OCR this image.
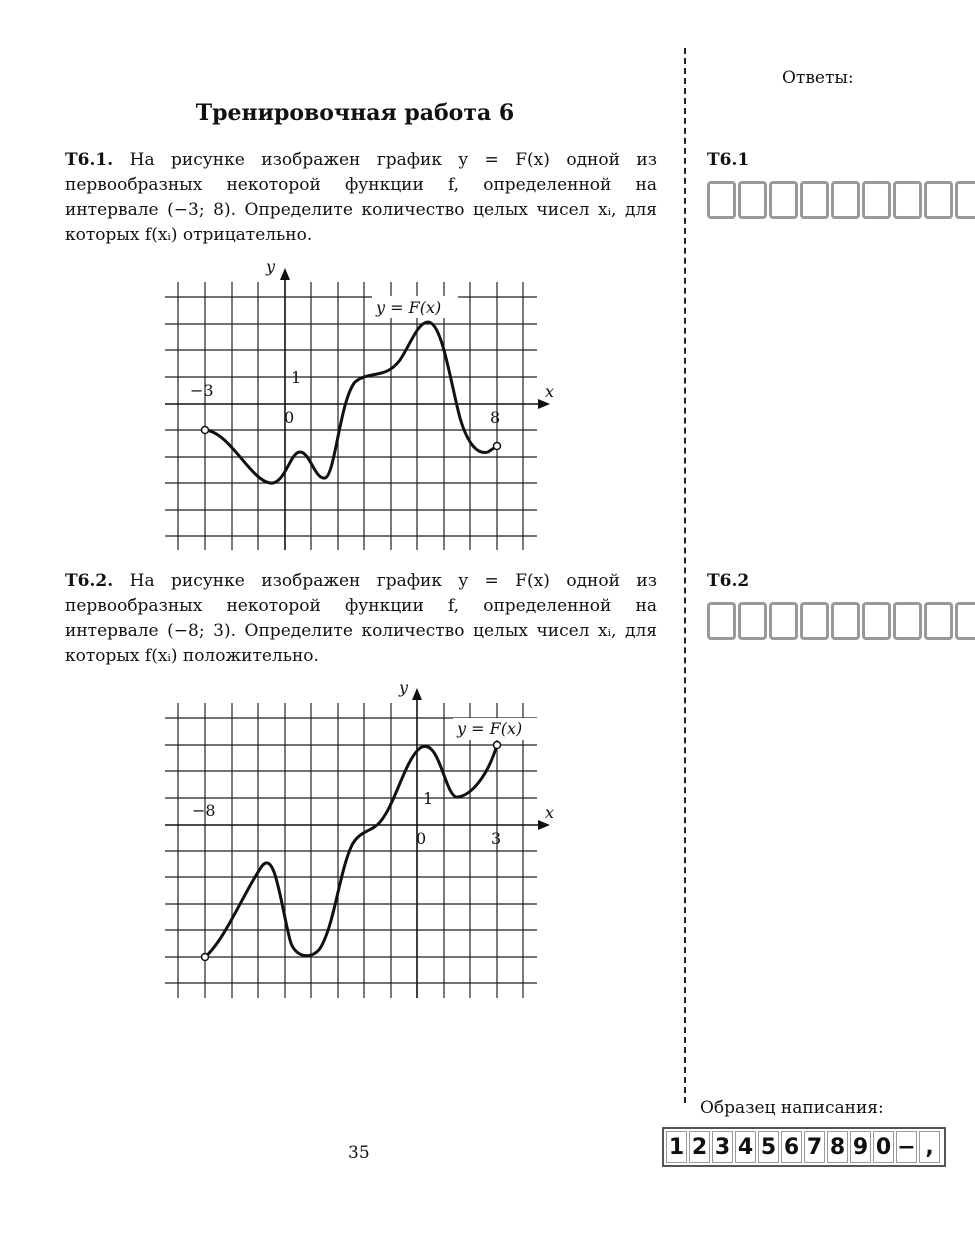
Тренировочная работа 6
Т6.1. На рисунке изображен график y = F(x) одной из первообразных некоторой функции f, определенной на интервале (−3; 8). Определите количество целых чисел xᵢ, для которых f(xᵢ) отрицательно.
y = F(x)
y
x
−3
8
1
0
Т6.2. На рисунке изображен график y = F(x) одной из первообразных некоторой функции f, определенной на интервале (−8; 3). Определите количество целых чисел xᵢ, для которых f(xᵢ) положительно.
y = F(x)
y
x
−8
3
1
0
Ответы:
Т6.1
Т6.2
Образец написания:
1 2 3 4 5 6 7 8 9 0 − ,
35
